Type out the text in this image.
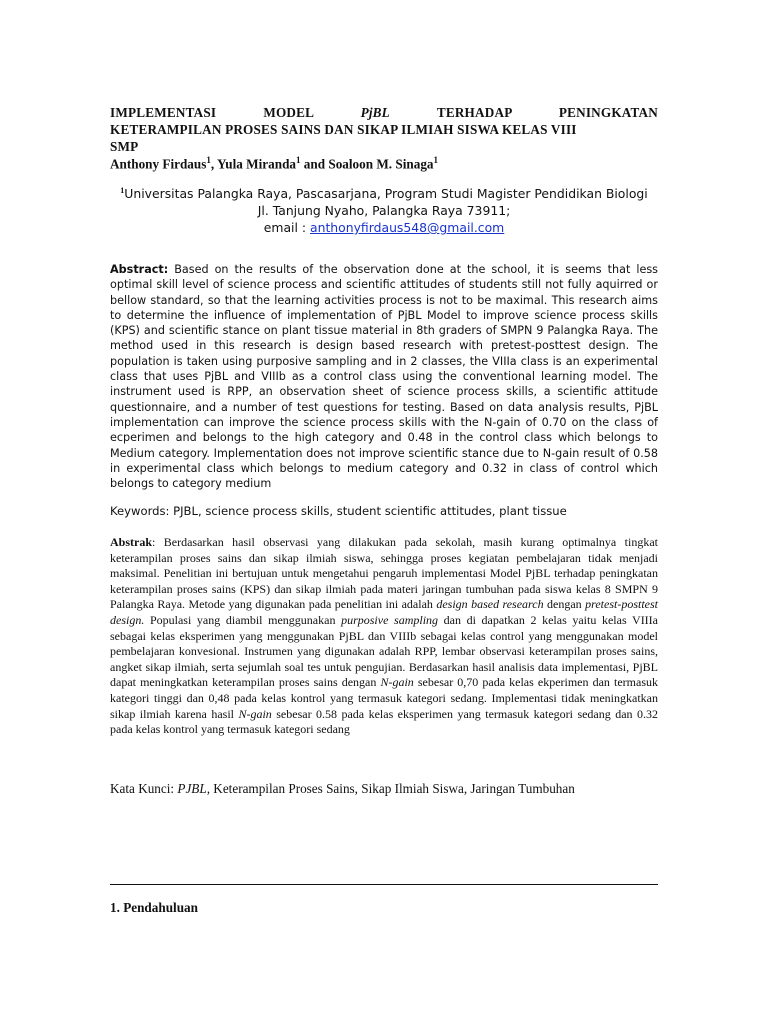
IMPLEMENTASI MODEL	PjBL	TERHADAP PENINGKATAN
KETERAMPILAN PROSES SAINS DAN SIKAP ILMIAH SISWA KELAS VIII
SMP

Anthony Firdaus$^1$, Yula Miranda$^1$ and Soaloon M. Sinaga$^1$

$^1$Universitas Palangka Raya, Pascasarjana, Program Studi Magister Pendidikan Biologi
Jl. Tanjung Nyaho, Palangka Raya 73911;
email : anthonyfirdaus548@gmail.com

Abstract: Based on the results of the observation done at the school, it is seems that less optimal skill level of science process and scientific attitudes of students still not fully aquirred or bellow standard, so that the learning activities process is not to be maximal. This research aims to determine the influence of implementation of PjBL Model to improve science process skills (KPS) and scientific stance on plant tissue material in 8th graders of SMPN 9 Palangka Raya. The method used in this research is design based research with pretest-posttest design. The population is taken using purposive sampling and in 2 classes, the VIIIa class is an experimental class that uses PjBL and VIIIb as a control class using the conventional learning model. The instrument used is RPP, an observation sheet of science process skills, a scientific attitude questionnaire, and a number of test questions for testing. Based on data analysis results, PjBL implementation can improve the science process skills with the N-gain of 0.70 on the class of ecperimen and belongs to the high category and 0.48 in the control class which belongs to Medium category. Implementation does not improve scientific stance due to N-gain result of 0.58 in experimental class which belongs to medium category and 0.32 in class of control which belongs to category medium

Keywords: PJBL, science process skills, student scientific attitudes, plant tissue

Abstrak: Berdasarkan hasil observasi yang dilakukan pada sekolah, masih kurang optimalnya tingkat keterampilan proses sains dan sikap ilmiah siswa, sehingga proses kegiatan pembelajaran tidak menjadi maksimal. Penelitian ini bertujuan untuk mengetahui pengaruh implementasi Model PjBL terhadap peningkatan keterampilan proses sains (KPS) dan sikap ilmiah pada materi jaringan tumbuhan pada siswa kelas 8 SMPN 9 Palangka Raya. Metode yang digunakan pada penelitian ini adalah design based research dengan pretest-posttest design. Populasi yang diambil menggunakan purposive sampling dan di dapatkan 2 kelas yaitu kelas VIIIa sebagai kelas eksperimen yang menggunakan PjBL dan VIIIb sebagai kelas control yang menggunakan model pembelajaran konvesional. Instrumen yang digunakan adalah RPP, lembar observasi keterampilan proses sains, angket sikap ilmiah, serta sejumlah soal tes untuk pengujian. Berdasarkan hasil analisis data implementasi, PjBL dapat meningkatkan keterampilan proses sains dengan N-gain sebesar 0,70 pada kelas ekperimen dan termasuk kategori tinggi dan 0,48 pada kelas kontrol yang termasuk kategori sedang. Implementasi tidak meningkatkan sikap ilmiah karena hasil N-gain sebesar 0.58 pada kelas eksperimen yang termasuk kategori sedang dan 0.32 pada kelas kontrol yang termasuk kategori sedang

Kata Kunci: PJBL, Keterampilan Proses Sains, Sikap Ilmiah Siswa, Jaringan Tumbuhan

1. Pendahuluan
